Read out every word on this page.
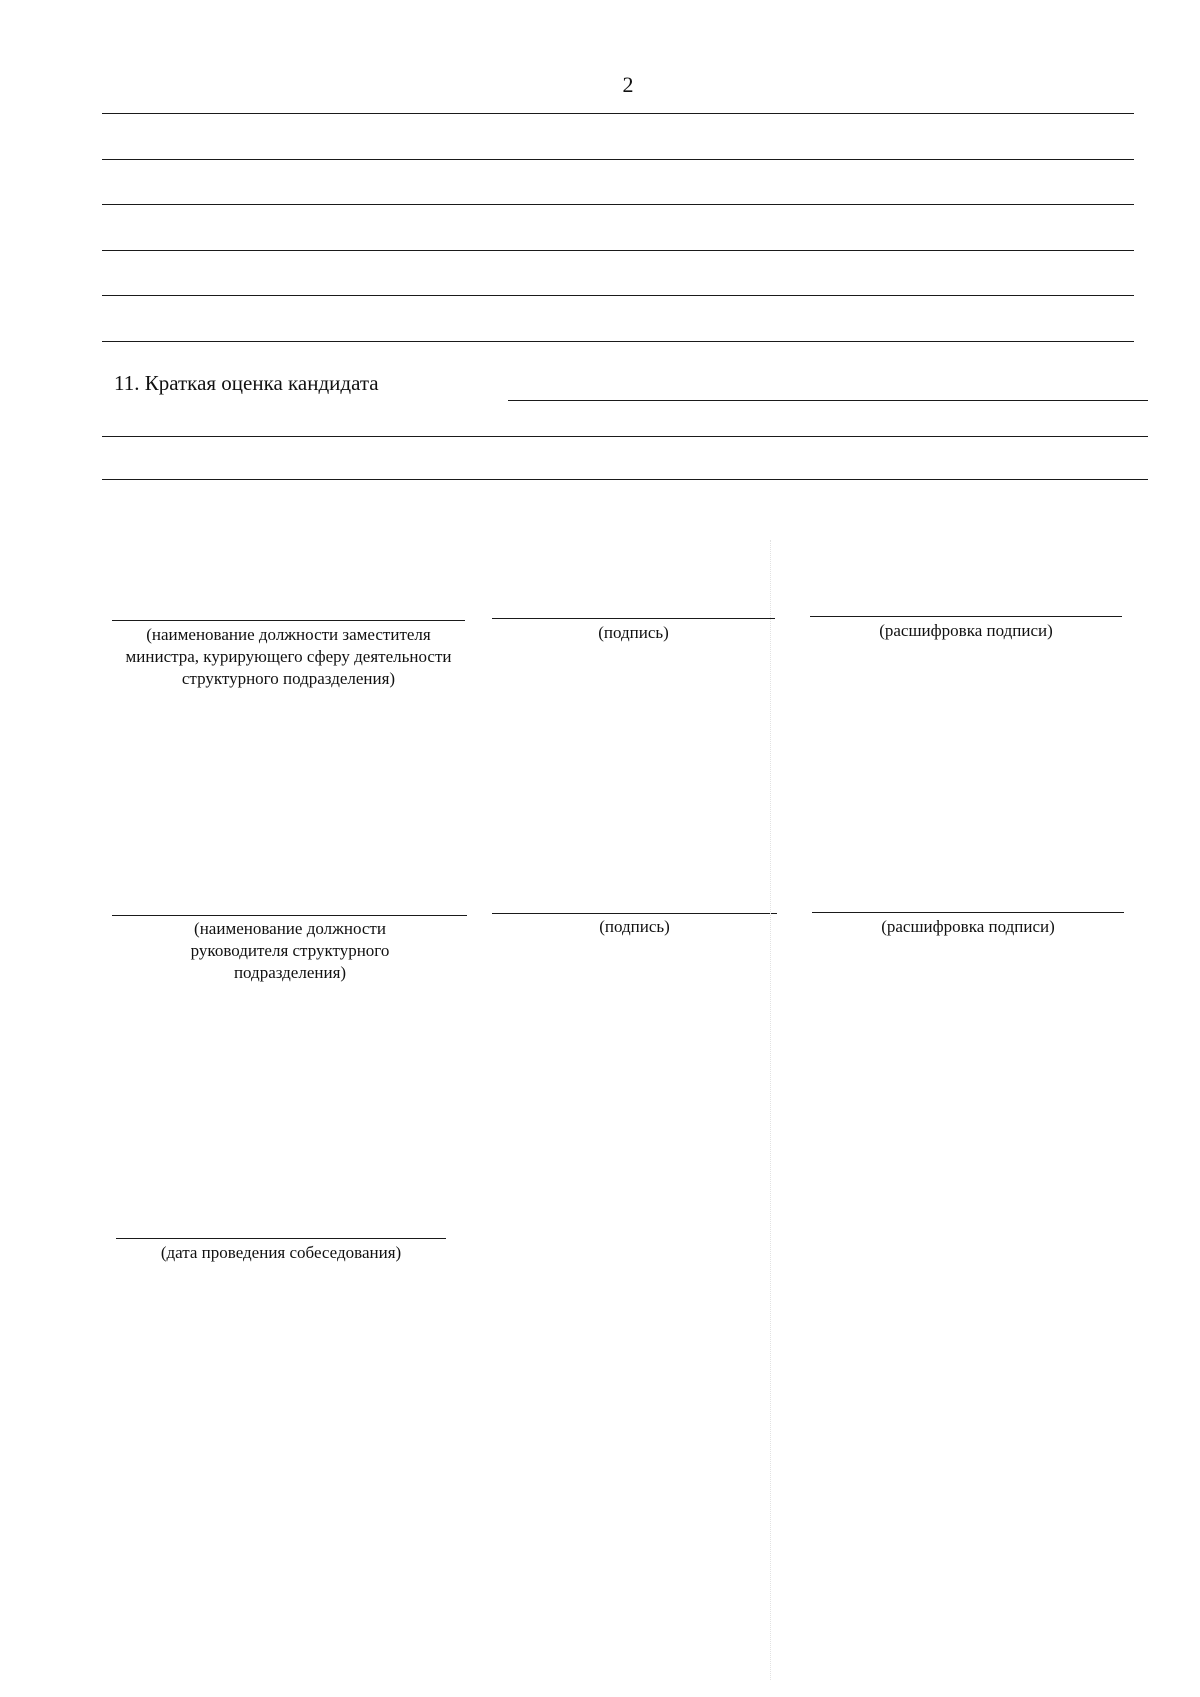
2
11. Краткая оценка кандидата
(наименование должности заместителя министра, курирующего сферу деятельности структурного подразделения)
(подпись)	(расшифровка подписи)
(наименование должности руководителя структурного подразделения)
(подпись)	(расшифровка подписи)
(дата проведения собеседования)
